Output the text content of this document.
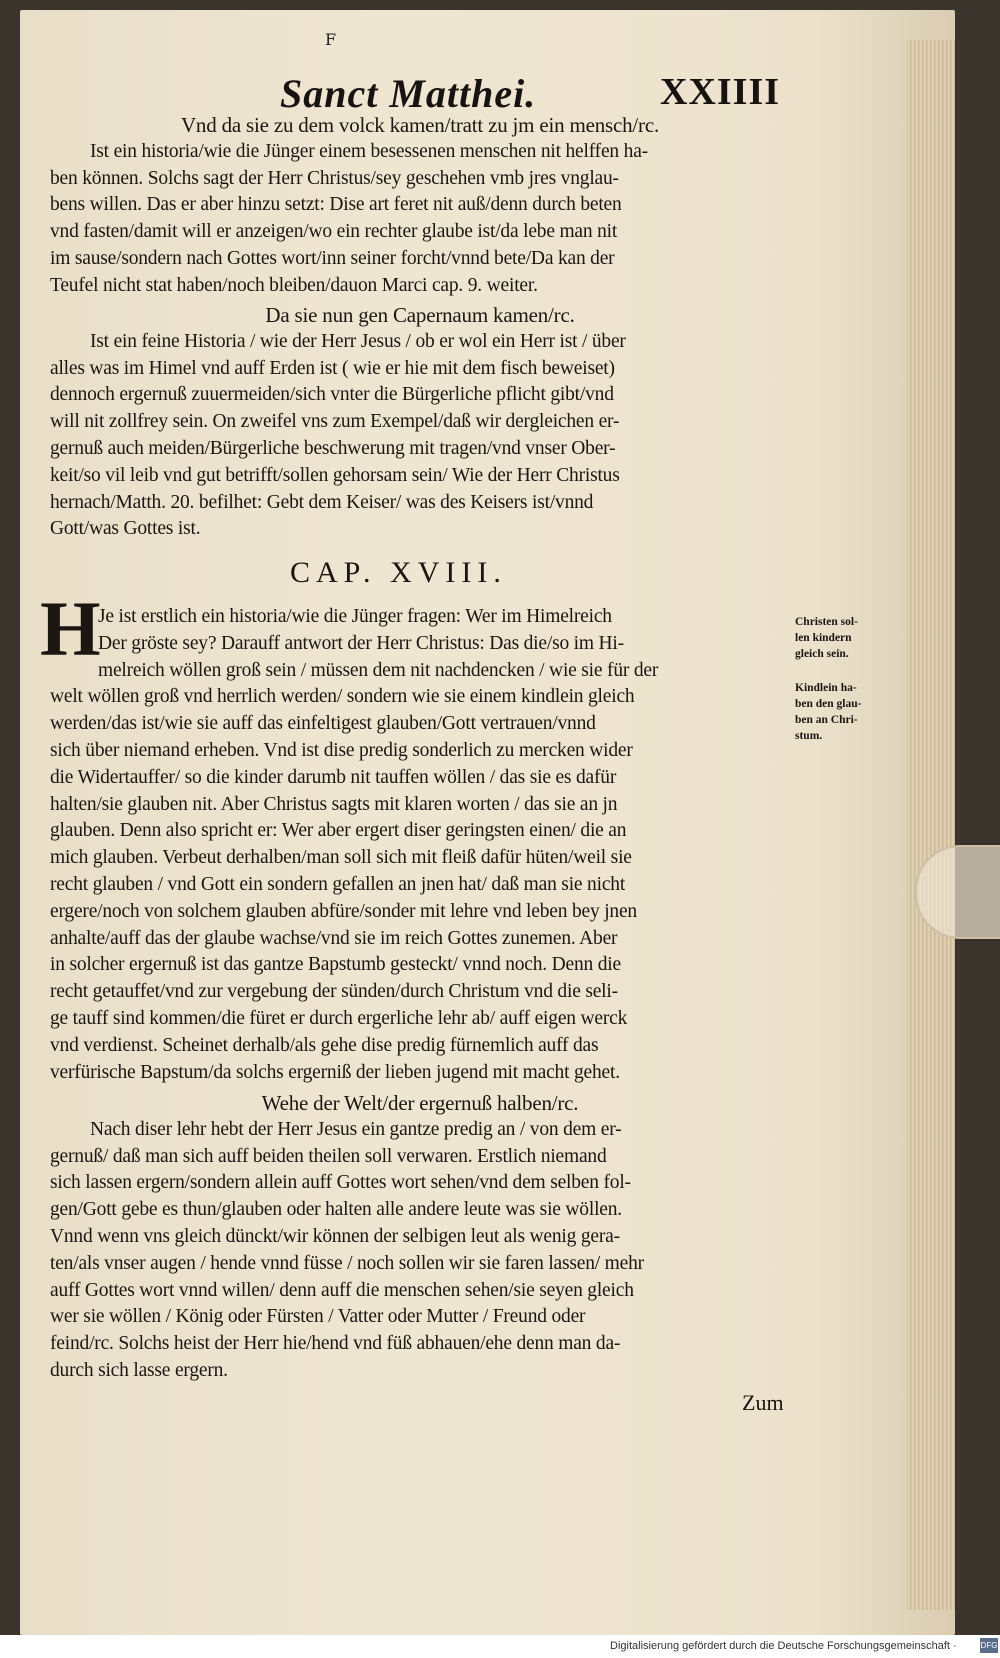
F
Sanct Matthei.	XXIIII
Vnd da sie zu dem volck kamen/tratt zu jm ein mensch/rc.
Ist ein historia/wie die Jünger einem besessenen menschen nit helffen ha-
ben können. Solchs sagt der Herr Christus/sey geschehen vmb jres vnglau-
bens willen. Das er aber hinzu setzt: Dise art feret nit auß/denn durch beten
vnd fasten/damit will er anzeigen/wo ein rechter glaube ist/da lebe man nit
im sause/sondern nach Gottes wort/inn seiner forcht/vnnd bete/Da kan der
Teufel nicht stat haben/noch bleiben/dauon Marci cap. 9. weiter.
Da sie nun gen Capernaum kamen/rc.
Ist ein feine Historia / wie der Herr Jesus / ob er wol ein Herr ist / über
alles was im Himel vnd auff Erden ist ( wie er hie mit dem fisch beweiset)
dennoch ergernuß zuuermeiden/sich vnter die Bürgerliche pflicht gibt/vnd
will nit zollfrey sein. On zweifel vns zum Exempel/daß wir dergleichen er-
gernuß auch meiden/Bürgerliche beschwerung mit tragen/vnd vnser Ober-
keit/so vil leib vnd gut betrifft/sollen gehorsam sein/ Wie der Herr Christus
hernach/Matth. 20. befilhet: Gebt dem Keiser/ was des Keisers ist/vnnd
Gott/was Gottes ist.
CAP. XVIII.
H
Je ist erstlich ein historia/wie die Jünger fragen: Wer im Himelreich
Der gröste sey? Darauff antwort der Herr Christus: Das die/so im Hi-
melreich wöllen groß sein / müssen dem nit nachdencken / wie sie für der
welt wöllen groß vnd herrlich werden/ sondern wie sie einem kindlein gleich
werden/das ist/wie sie auff das einfeltigest glauben/Gott vertrauen/vnnd
sich über niemand erheben. Vnd ist dise predig sonderlich zu mercken wider
die Widertauffer/ so die kinder darumb nit tauffen wöllen / das sie es dafür
halten/sie glauben nit. Aber Christus sagts mit klaren worten / das sie an jn
glauben. Denn also spricht er: Wer aber ergert diser geringsten einen/ die an
mich glauben. Verbeut derhalben/man soll sich mit fleiß dafür hüten/weil sie
recht glauben / vnd Gott ein sondern gefallen an jnen hat/ daß man sie nicht
ergere/noch von solchem glauben abfüre/sonder mit lehre vnd leben bey jnen
anhalte/auff das der glaube wachse/vnd sie im reich Gottes zunemen. Aber
in solcher ergernuß ist das gantze Bapstumb gesteckt/ vnnd noch. Denn die
recht getauffet/vnd zur vergebung der sünden/durch Christum vnd die seli-
ge tauff sind kommen/die füret er durch ergerliche lehr ab/ auff eigen werck
vnd verdienst. Scheinet derhalb/als gehe dise predig fürnemlich auff das
verfürische Bapstum/da solchs ergerniß der lieben jugend mit macht gehet.
Christen sol-
len kindern
gleich sein.
Kindlein ha-
ben den glau-
ben an Chri-
stum.
Wehe der Welt/der ergernuß halben/rc.
Nach diser lehr hebt der Herr Jesus ein gantze predig an / von dem er-
gernuß/ daß man sich auff beiden theilen soll verwaren. Erstlich niemand
sich lassen ergern/sondern allein auff Gottes wort sehen/vnd dem selben fol-
gen/Gott gebe es thun/glauben oder halten alle andere leute was sie wöllen.
Vnnd wenn vns gleich dünckt/wir können der selbigen leut als wenig gera-
ten/als vnser augen / hende vnnd füsse / noch sollen wir sie faren lassen/ mehr
auff Gottes wort vnnd willen/ denn auff die menschen sehen/sie seyen gleich
wer sie wöllen / König oder Fürsten / Vatter oder Mutter / Freund oder
feind/rc. Solchs heist der Herr hie/hend vnd füß abhauen/ehe denn man da-
durch sich lasse ergern.
Zum
Digitalisierung gefördert durch die Deutsche Forschungsgemeinschaft ·	DFG
